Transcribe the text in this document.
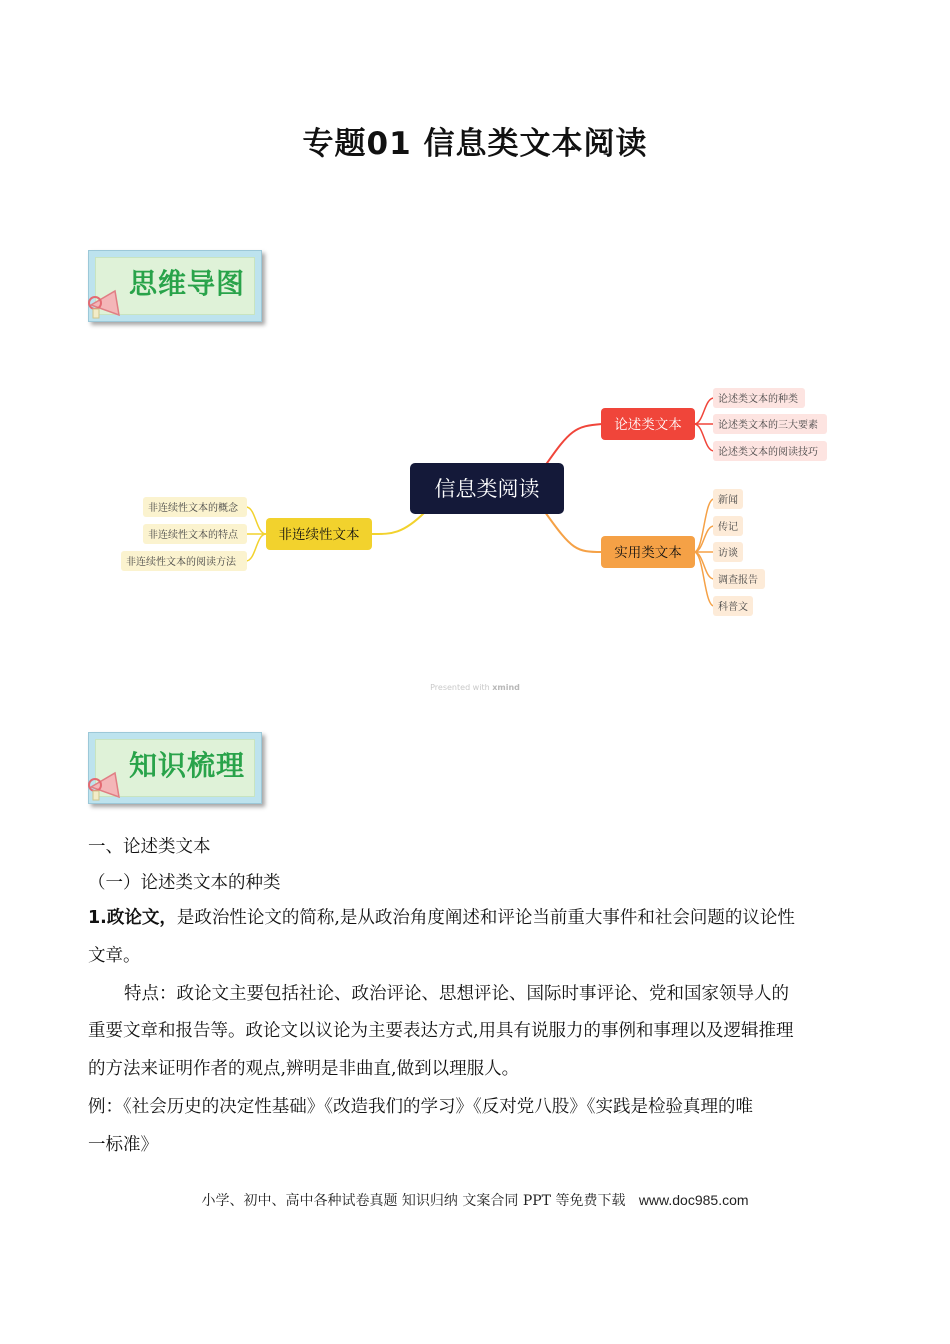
专题01 信息类文本阅读
思维导图
信息类阅读
论述类文本
实用类文本
非连续性文本
论述类文本的种类
论述类文本的三大要素
论述类文本的阅读技巧
新闻
传记
访谈
调查报告
科普文
非连续性文本的概念
非连续性文本的特点
非连续性文本的阅读方法
Presented with xmind
知识梳理
一、论述类文本
（一）论述类文本的种类
1.政论文，是政治性论文的简称,是从政治角度阐述和评论当前重大事件和社会问题的议论性
文章。
特点：政论文主要包括社论、政治评论、思想评论、国际时事评论、党和国家领导人的
重要文章和报告等。政论文以议论为主要表达方式,用具有说服力的事例和事理以及逻辑推理
的方法来证明作者的观点,辨明是非曲直,做到以理服人。
例：《社会历史的决定性基础》《改造我们的学习》《反对党八股》《实践是检验真理的唯
一标准》
小学、初中、高中各种试卷真题 知识归纳 文案合同 PPT 等免费下载 www.doc985.com
